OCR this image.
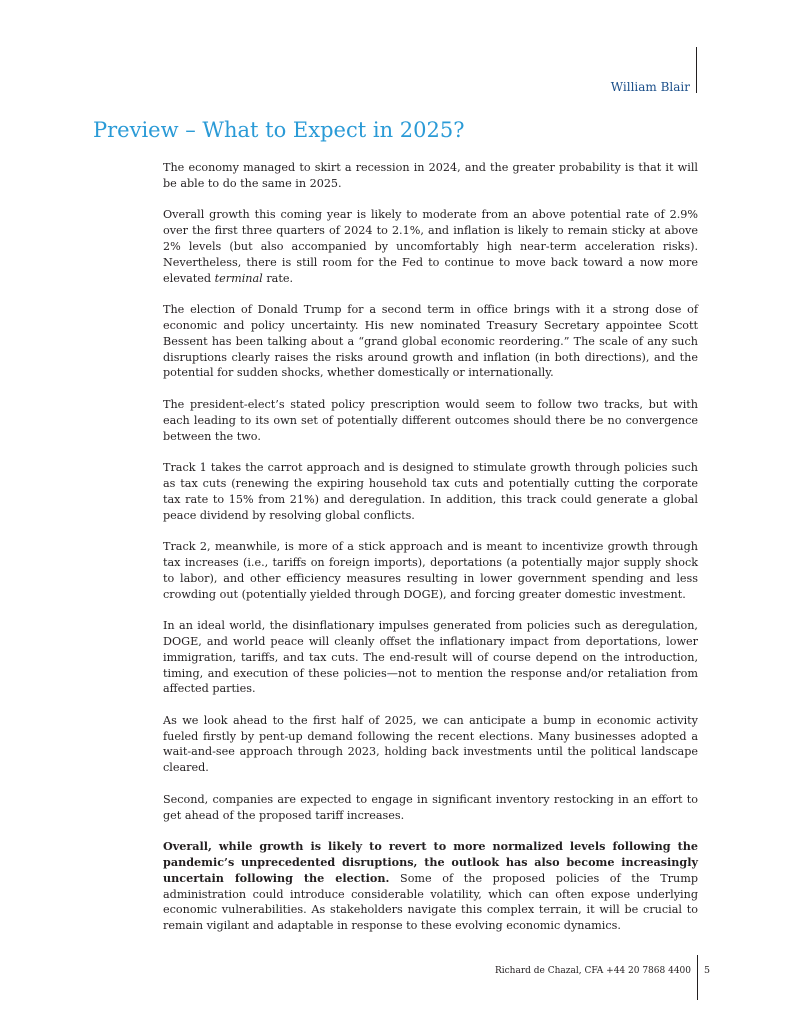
William Blair
Preview – What to Expect in 2025?

The economy managed to skirt a recession in 2024, and the greater probability is that it will be able to do the same in 2025.

Overall growth this coming year is likely to moderate from an above potential rate of 2.9% over the first three quarters of 2024 to 2.1%, and inflation is likely to remain sticky at above 2% levels (but also accompanied by uncomfortably high near-term acceleration risks). Nevertheless, there is still room for the Fed to continue to move back toward a now more elevated terminal rate.

The election of Donald Trump for a second term in office brings with it a strong dose of economic and policy uncertainty. His new nominated Treasury Secretary appointee Scott Bessent has been talking about a “grand global economic reordering.” The scale of any such disruptions clearly raises the risks around growth and inflation (in both directions), and the potential for sudden shocks, whether domestically or internationally.

The president-elect’s stated policy prescription would seem to follow two tracks, but with each leading to its own set of potentially different outcomes should there be no convergence between the two.

Track 1 takes the carrot approach and is designed to stimulate growth through policies such as tax cuts (renewing the expiring household tax cuts and potentially cutting the corporate tax rate to 15% from 21%) and deregulation. In addition, this track could generate a global peace dividend by resolving global conflicts.

Track 2, meanwhile, is more of a stick approach and is meant to incentivize growth through tax increases (i.e., tariffs on foreign imports), deportations (a potentially major supply shock to labor), and other efficiency measures resulting in lower government spending and less crowding out (potentially yielded through DOGE), and forcing greater domestic investment.

In an ideal world, the disinflationary impulses generated from policies such as deregulation, DOGE, and world peace will cleanly offset the inflationary impact from deportations, lower immigration, tariffs, and tax cuts. The end-result will of course depend on the introduction, timing, and execution of these policies—not to mention the response and/or retaliation from affected parties.

As we look ahead to the first half of 2025, we can anticipate a bump in economic activity fueled firstly by pent-up demand following the recent elections. Many businesses adopted a wait-and-see approach through 2023, holding back investments until the political landscape cleared.

Second, companies are expected to engage in significant inventory restocking in an effort to get ahead of the proposed tariff increases.

Overall, while growth is likely to revert to more normalized levels following the pandemic’s unprecedented disruptions, the outlook has also become increasingly uncertain following the election. Some of the proposed policies of the Trump administration could introduce considerable volatility, which can often expose underlying economic vulnerabilities. As stakeholders navigate this complex terrain, it will be crucial to remain vigilant and adaptable in response to these evolving economic dynamics.

Richard de Chazal, CFA +44 20 7868 4400 5
